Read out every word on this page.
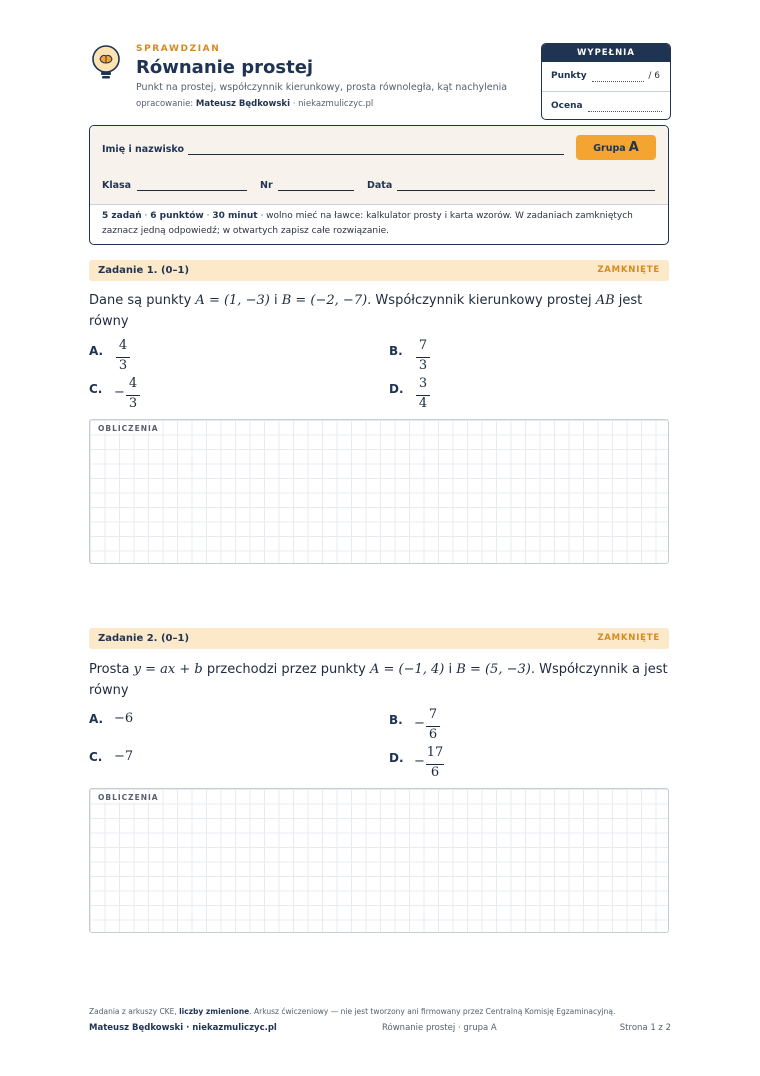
SPRAWDZIAN
Równanie prostej
Punkt na prostej, współczynnik kierunkowy, prosta równoległa, kąt nachylenia
opracowanie: Mateusz Będkowski · niekazmuliczyc.pl
WYPEŁNIA NAUCZYCIEL
Punkty	/ 6
Ocena
Imię i nazwisko	Grupa A
Klasa	Nr	Data
5 zadań · 6 punktów · 30 minut · wolno mieć na ławce: kalkulator prosty i karta wzorów. W zadaniach zamkniętych zaznacz jedną odpowiedź; w otwartych zapisz całe rozwiązanie.
Zadanie 1. (0–1)	ZAMKNIĘTE
Dane są punkty A = (1, −3) i B = (−2, −7). Współczynnik kierunkowy prostej AB jest
równy
A. 4
3
B. 7
3
C. −
4
3
D. 3
4
OBLICZENIA
Zadanie 2. (0–1)	ZAMKNIĘTE
Prosta y = ax + b przechodzi przez punkty A = (−1, 4) i B = (5, −3). Współczynnik a jest
równy
A. −6	B. −
7
6
C. −7	D. −
17
6
OBLICZENIA
Zadania z arkuszy CKE, liczby zmienione. Arkusz ćwiczeniowy — nie jest tworzony ani firmowany przez Centralną Komisję Egzaminacyjną.
Mateusz Będkowski · niekazmuliczyc.pl	Równanie prostej · grupa A	Strona 1 z 2
